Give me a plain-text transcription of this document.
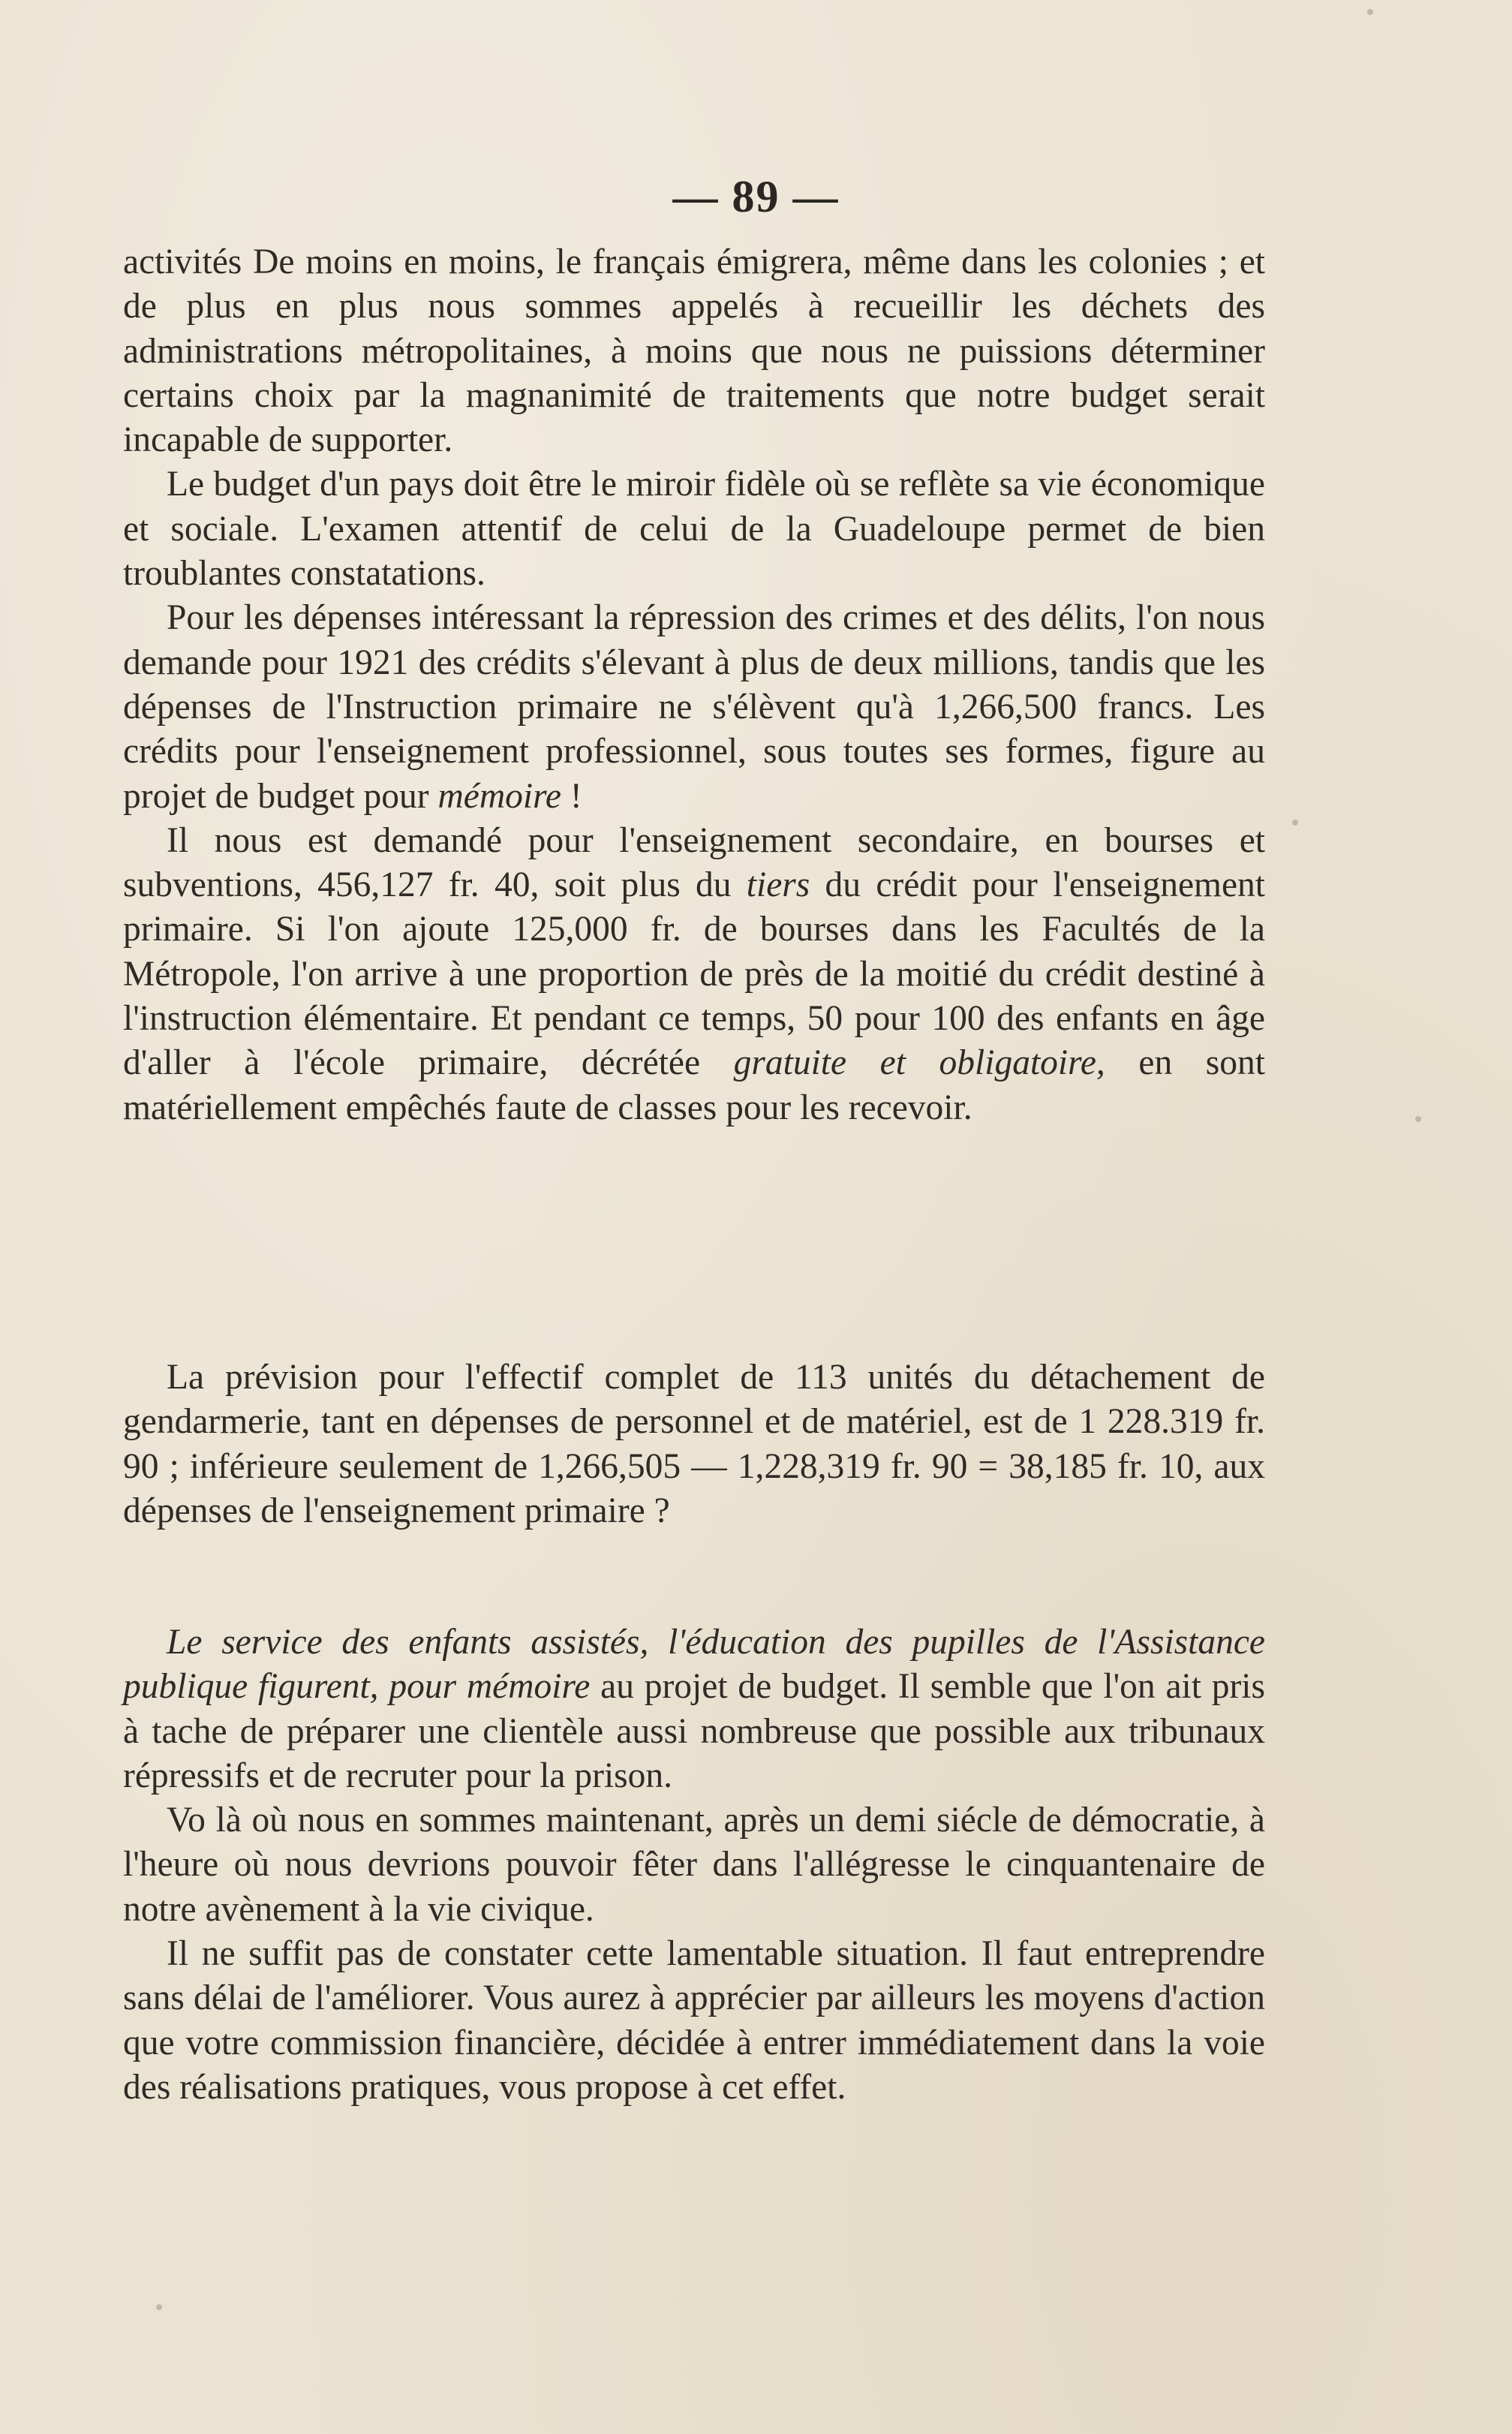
— 89 —

activités De moins en moins, le français émigrera, même dans les colonies ; et de plus en plus nous sommes appelés à recueillir les déchets des administrations métropolitaines, à moins que nous ne puissions déterminer certains choix par la magnanimité de traitements que notre budget serait incapable de supporter.

Le budget d'un pays doit être le miroir fidèle où se reflète sa vie économique et sociale. L'examen attentif de celui de la Guadeloupe permet de bien troublantes constatations.

Pour les dépenses intéressant la répression des crimes et des délits, l'on nous demande pour 1921 des crédits s'élevant à plus de deux millions, tandis que les dépenses de l'Instruction primaire ne s'élèvent qu'à 1,266,500 francs. Les crédits pour l'enseignement professionnel, sous toutes ses formes, figure au projet de budget pour mémoire !

Il nous est demandé pour l'enseignement secondaire, en bourses et subventions, 456,127 fr. 40, soit plus du tiers du crédit pour l'enseignement primaire. Si l'on ajoute 125,000 fr. de bourses dans les Facultés de la Métropole, l'on arrive à une proportion de près de la moitié du crédit destiné à l'instruction élémentaire. Et pendant ce temps, 50 pour 100 des enfants en âge d'aller à l'école primaire, décrétée gratuite et obligatoire, en sont matériellement empêchés faute de classes pour les recevoir.

La prévision pour l'effectif complet de 113 unités du détachement de gendarmerie, tant en dépenses de personnel et de matériel, est de 1 228.319 fr. 90 ; inférieure seulement de 1,266,505 — 1,228,319 fr. 90 = 38,185 fr. 10, aux dépenses de l'enseignement primaire ?

Le service des enfants assistés, l'éducation des pupilles de l'Assistance publique figurent, pour mémoire au projet de budget. Il semble que l'on ait pris à tache de préparer une clientèle aussi nombreuse que possible aux tribunaux répressifs et de recruter pour la prison.

Vo là où nous en sommes maintenant, après un demi siécle de démocratie, à l'heure où nous devrions pouvoir fêter dans l'allégresse le cinquantenaire de notre avènement à la vie civique.

Il ne suffit pas de constater cette lamentable situation. Il faut entreprendre sans délai de l'améliorer. Vous aurez à apprécier par ailleurs les moyens d'action que votre commission financière, décidée à entrer immédiatement dans la voie des réalisations pratiques, vous propose à cet effet.
